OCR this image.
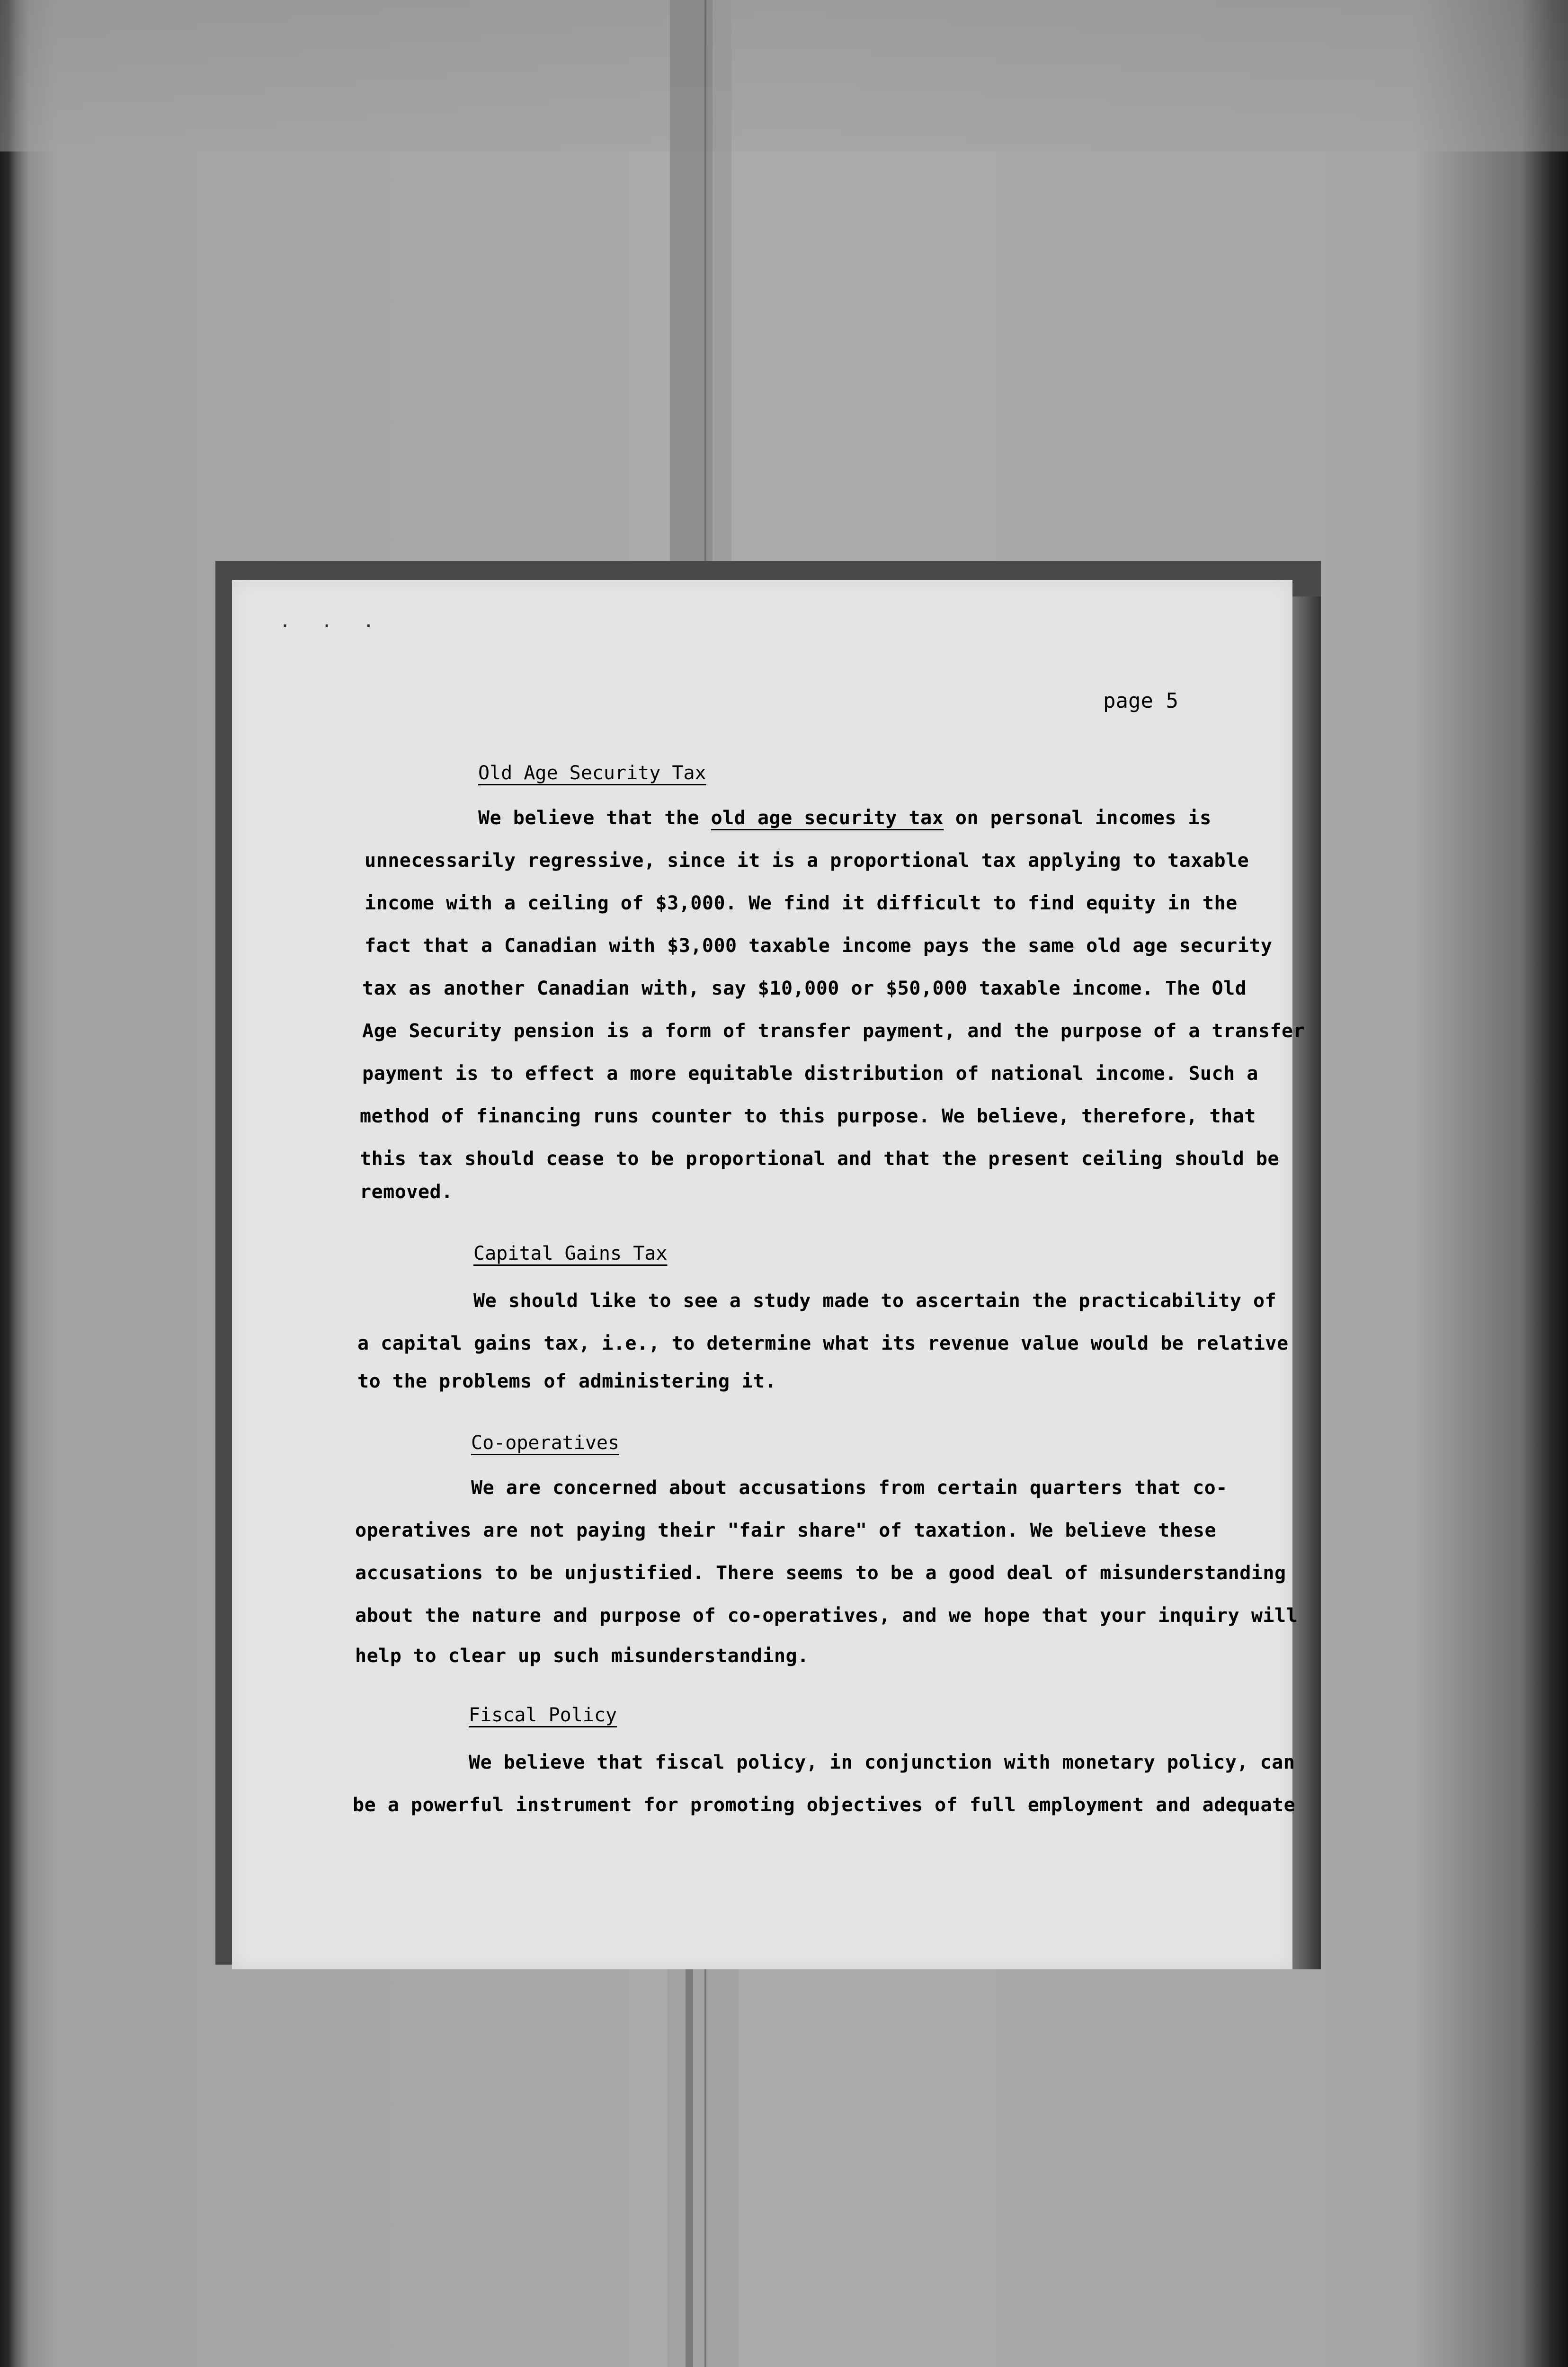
· · ·
page 5
Old Age Security Tax
We believe that the old age security tax on personal incomes is
unnecessarily regressive, since it is a proportional tax applying to taxable
income with a ceiling of $3,000. We find it difficult to find equity in the
fact that a Canadian with $3,000 taxable income pays the same old age security
tax as another Canadian with, say $10,000 or $50,000 taxable income. The Old
Age Security pension is a form of transfer payment, and the purpose of a transfer
payment is to effect a more equitable distribution of national income. Such a
method of financing runs counter to this purpose. We believe, therefore, that
this tax should cease to be proportional and that the present ceiling should be
removed.
Capital Gains Tax
We should like to see a study made to ascertain the practicability of
a capital gains tax, i.e., to determine what its revenue value would be relative
to the problems of administering it.
Co-operatives
We are concerned about accusations from certain quarters that co-
operatives are not paying their "fair share" of taxation. We believe these
accusations to be unjustified. There seems to be a good deal of misunderstanding
about the nature and purpose of co-operatives, and we hope that your inquiry will
help to clear up such misunderstanding.
Fiscal Policy
We believe that fiscal policy, in conjunction with monetary policy, can
be a powerful instrument for promoting objectives of full employment and adequate
